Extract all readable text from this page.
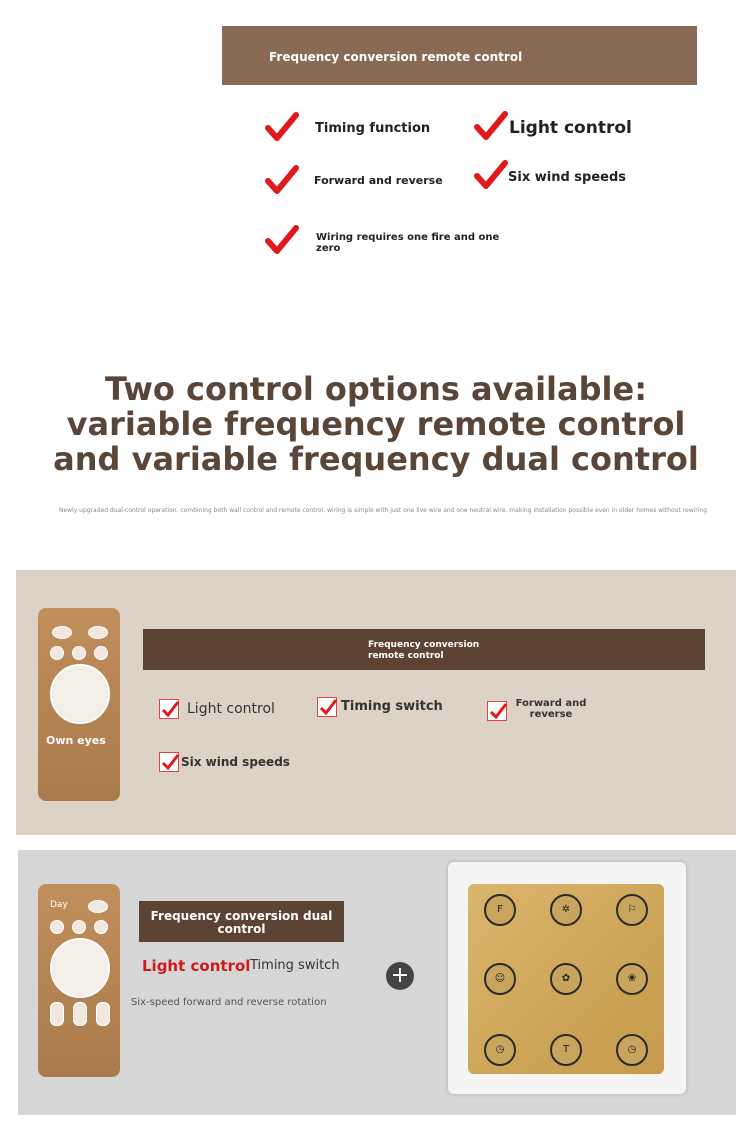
Frequency conversion remote control
Timing function	Light control
Forward and reverse	Six wind speeds
Wiring requires one fire and one zero
Two control options available: variable frequency remote control and variable frequency dual control
Newly upgraded dual-control operation, combining both wall control and remote control. wiring is simple with just one live wire and one neutral wire, making installation possible even in older homes without rewiring
Own eyes
Frequency conversion remote control
Light control	Timing switch	Forward and reverse
Six wind speeds
Day
Frequency conversion dual control
Light control Timing switch
Six-speed forward and reverse rotation
+
F	✲	⚐
☺	✿	❀
◷	T	◷
